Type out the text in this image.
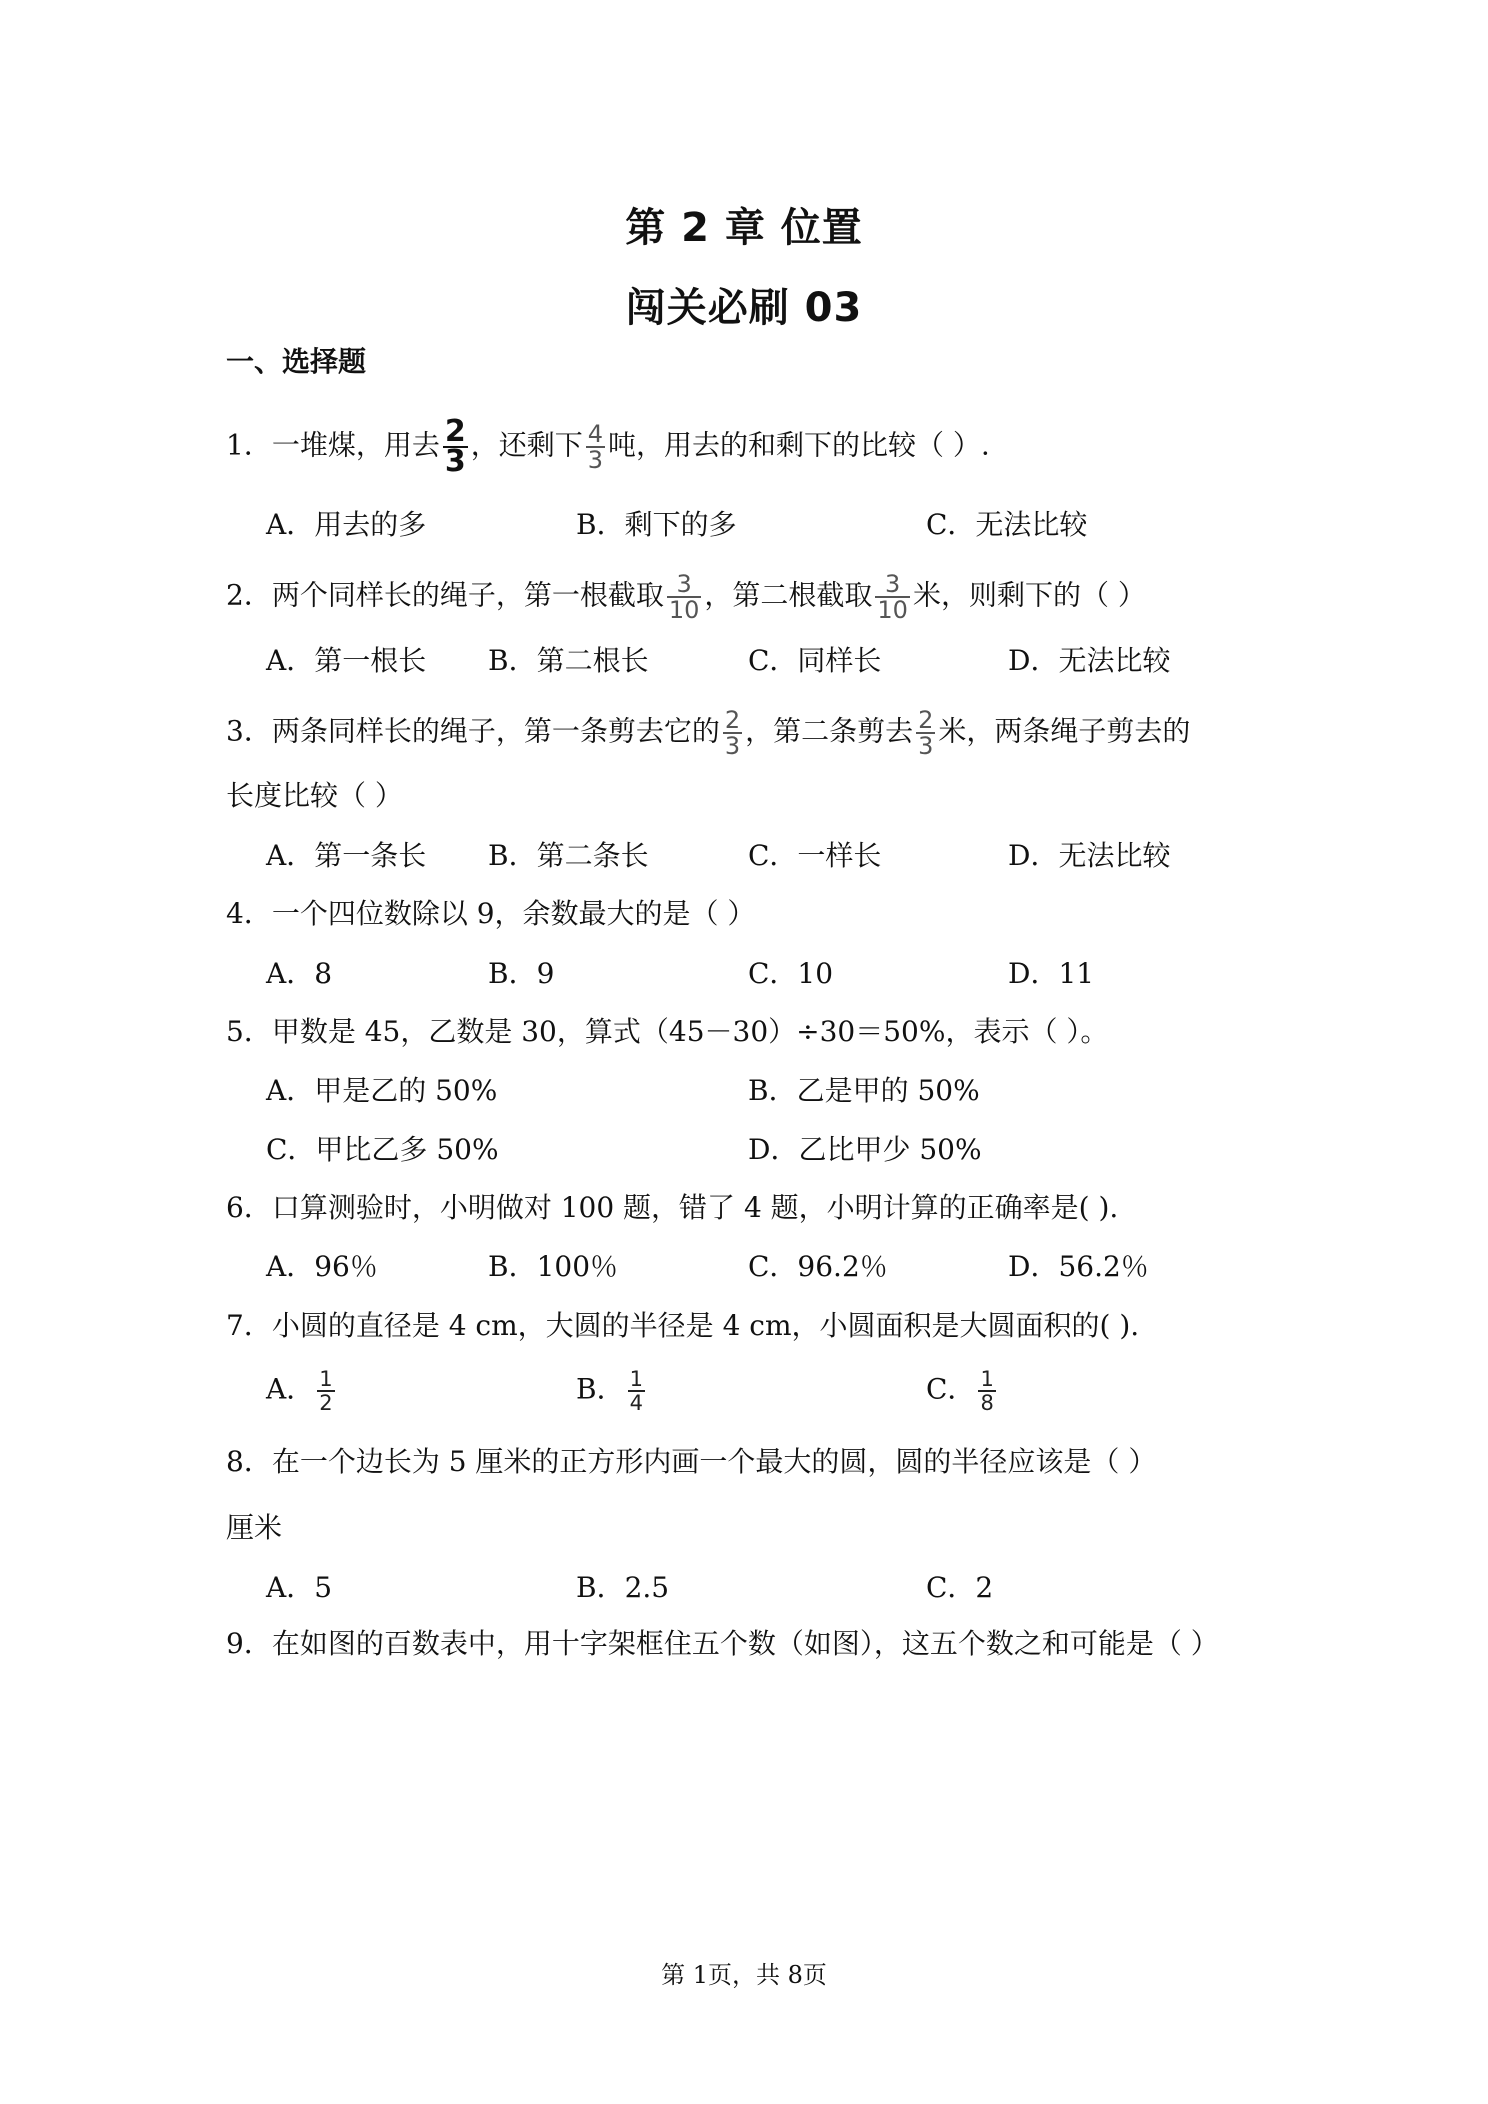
第 2 章 位置
闯关必刷 03
一、选择题
1．一堆煤，用去 $\frac{2}{3}$ ，还剩下 $\frac{4}{3}$ 吨，用去的和剩下的比较（ ）.
A．用去的多	B．剩下的多	C．无法比较
2．两个同样长的绳子，第一根截取 $\frac{3}{10}$ ，第二根截取 $\frac{3}{10}$ 米，则剩下的（ ）
A．第一根长 B．第二根长	C．同样长	D．无法比较
3．两条同样长的绳子，第一条剪去它的 $\frac{2}{3}$ ，第二条剪去 $\frac{2}{3}$ 米，两条绳子剪去的
长度比较（ ）
A．第一条长 B．第二条长	C．一样长	D．无法比较
4．一个四位数除以 9，余数最大的是（ ）
A．8	B．9	C．10	D．11
5．甲数是 45，乙数是 30，算式（45－30）÷30＝50%，表示（ ）。
A．甲是乙的 50%	B．乙是甲的 50%
C．甲比乙多 50%	D．乙比甲少 50%
6．口算测验时，小明做对 100 题，错了 4 题，小明计算的正确率是( ).
A．96％	B．100％	C．96.2％	D．56.2％
7．小圆的直径是 4 cm，大圆的半径是 4 cm，小圆面积是大圆面积的( ).
A． $\frac{1}{2}$	B． $\frac{1}{4}$	C． $\frac{1}{8}$
8．在一个边长为 5 厘米的正方形内画一个最大的圆，圆的半径应该是（ ）
厘米
A．5	B．2.5	C．2
9．在如图的百数表中，用十字架框住五个数（如图），这五个数之和可能是（ ）
第 1页，共 8页
